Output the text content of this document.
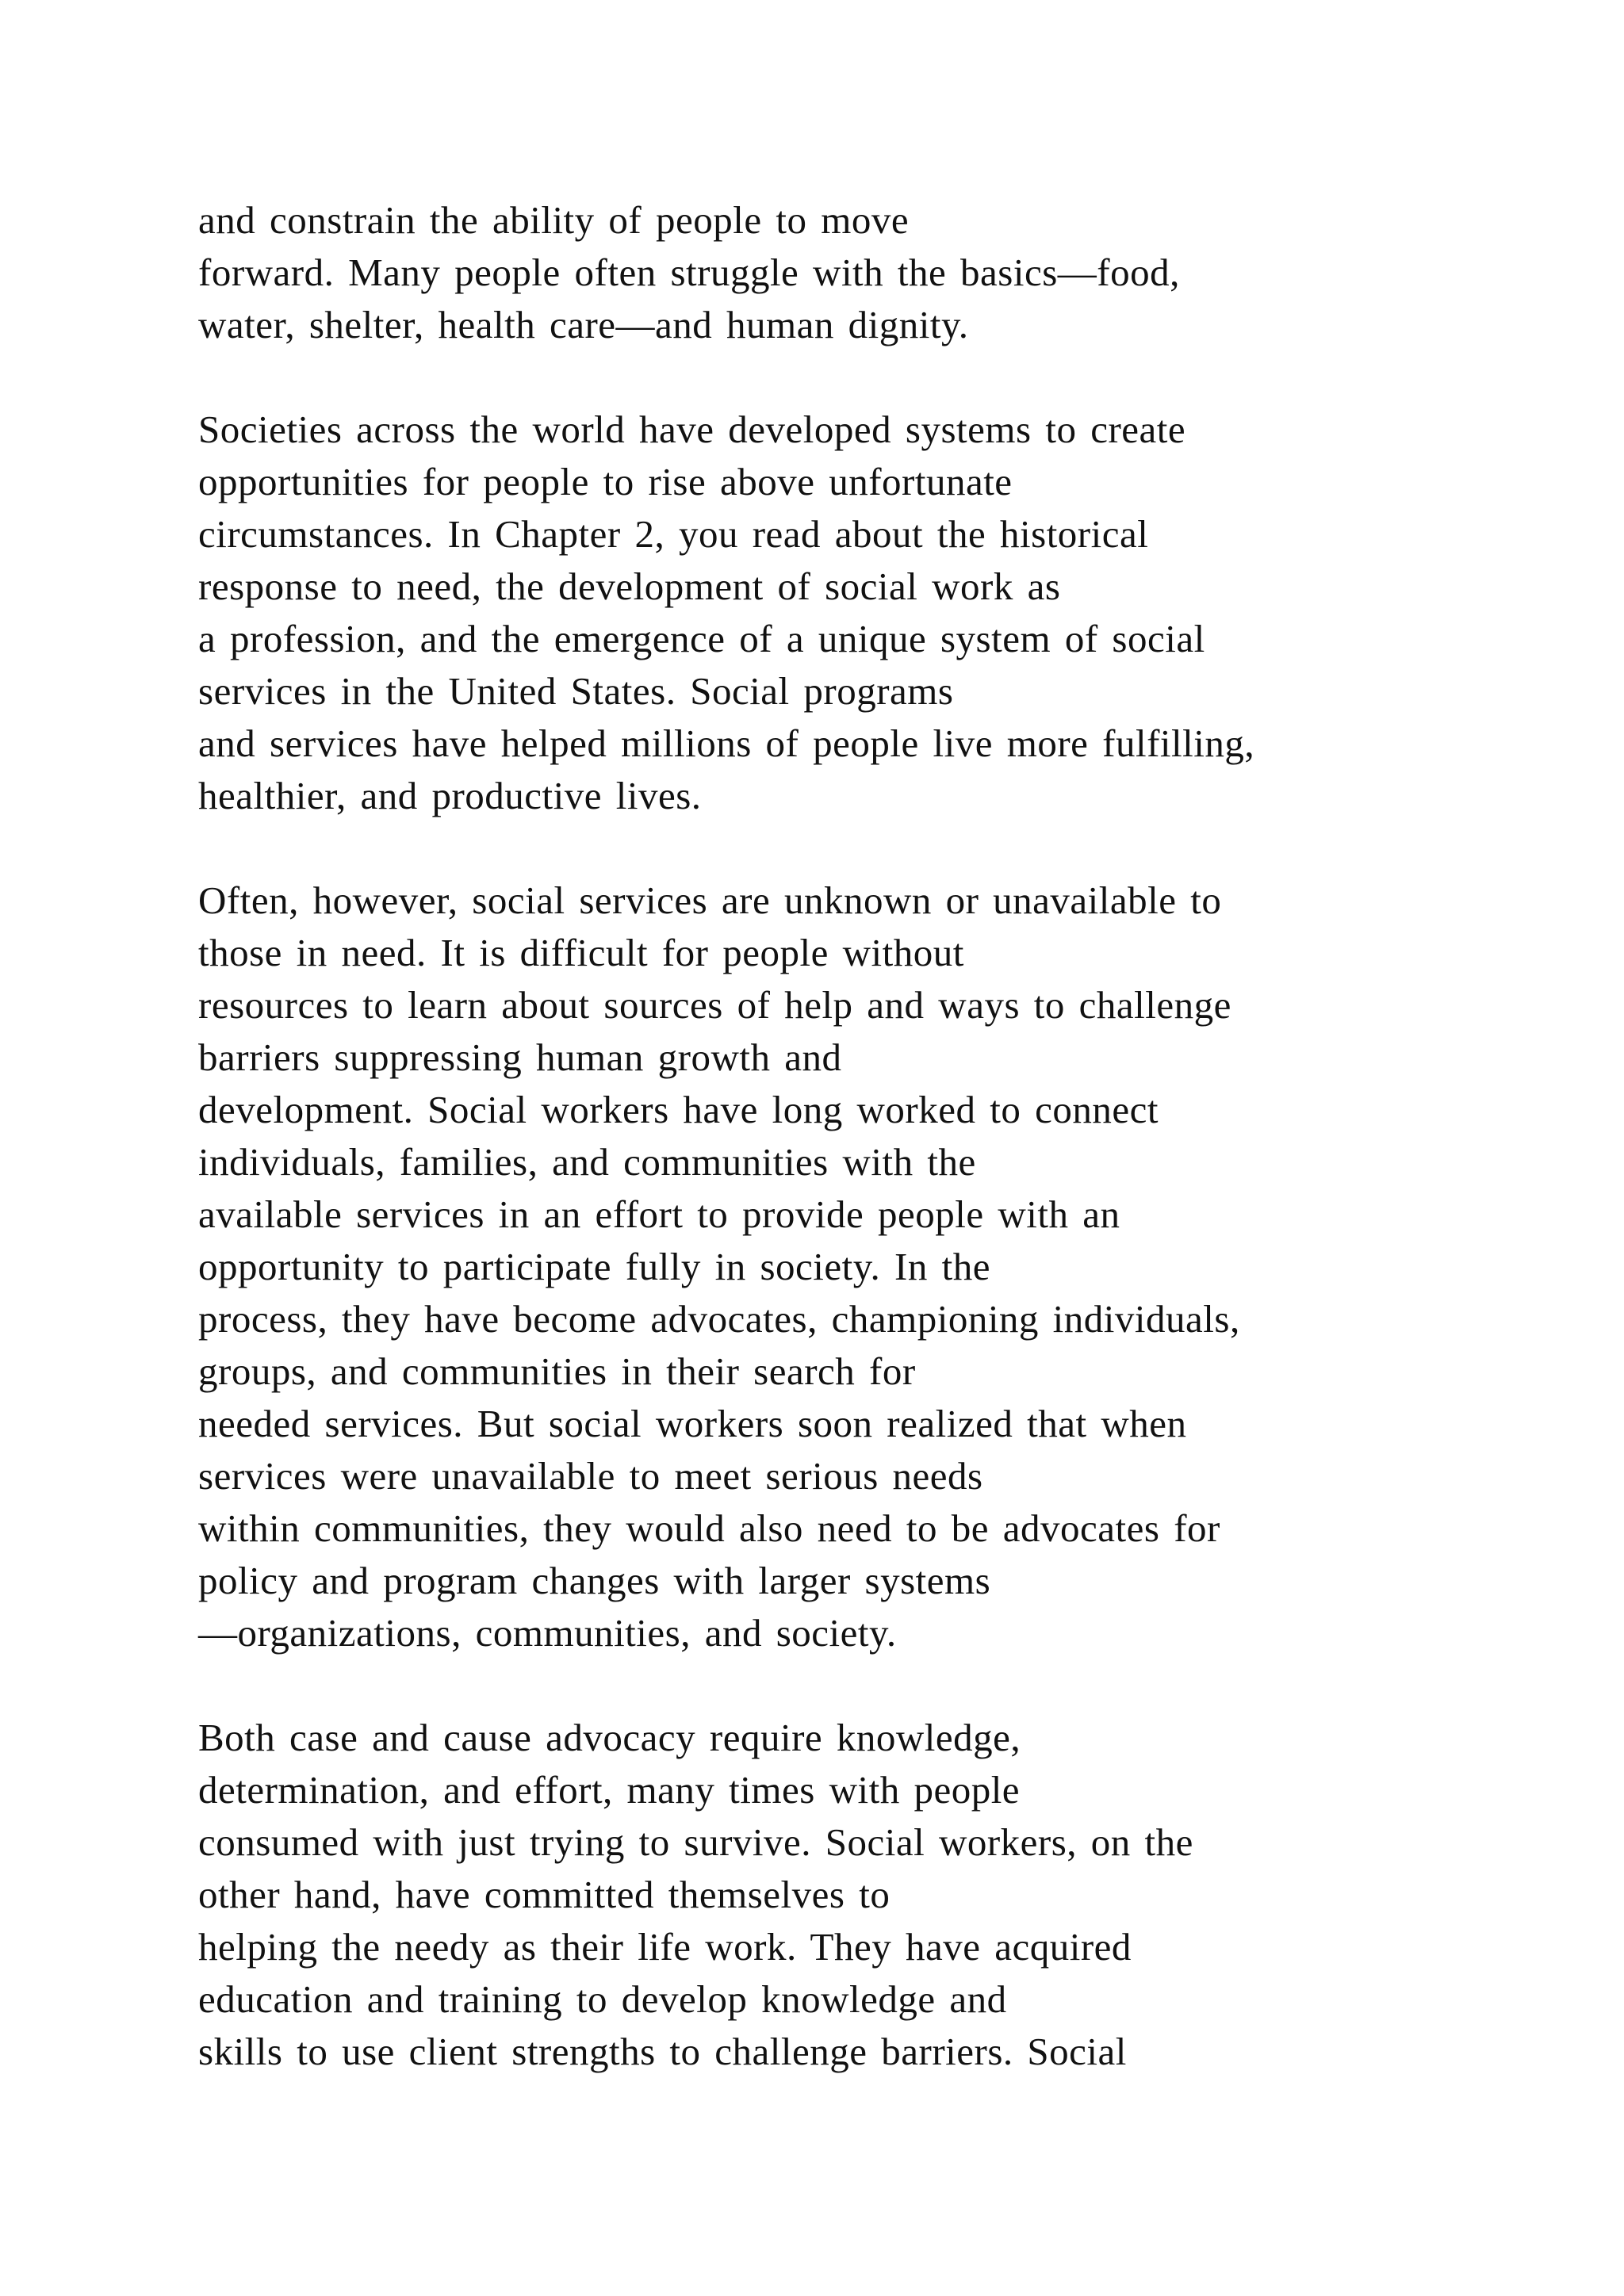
and constrain the ability of people to move
forward. Many people often struggle with the basics—food,
water, shelter, health care—and human dignity.
Societies across the world have developed systems to create
opportunities for people to rise above unfortunate
circumstances. In Chapter 2, you read about the historical
response to need, the development of social work as
a profession, and the emergence of a unique system of social
services in the United States. Social programs
and services have helped millions of people live more fulfilling,
healthier, and productive lives.
Often, however, social services are unknown or unavailable to
those in need. It is difficult for people without
resources to learn about sources of help and ways to challenge
barriers suppressing human growth and
development. Social workers have long worked to connect
individuals, families, and communities with the
available services in an effort to provide people with an
opportunity to participate fully in society. In the
process, they have become advocates, championing individuals,
groups, and communities in their search for
needed services. But social workers soon realized that when
services were unavailable to meet serious needs
within communities, they would also need to be advocates for
policy and program changes with larger systems
—organizations, communities, and society.
Both case and cause advocacy require knowledge,
determination, and effort, many times with people
consumed with just trying to survive. Social workers, on the
other hand, have committed themselves to
helping the needy as their life work. They have acquired
education and training to develop knowledge and
skills to use client strengths to challenge barriers. Social
